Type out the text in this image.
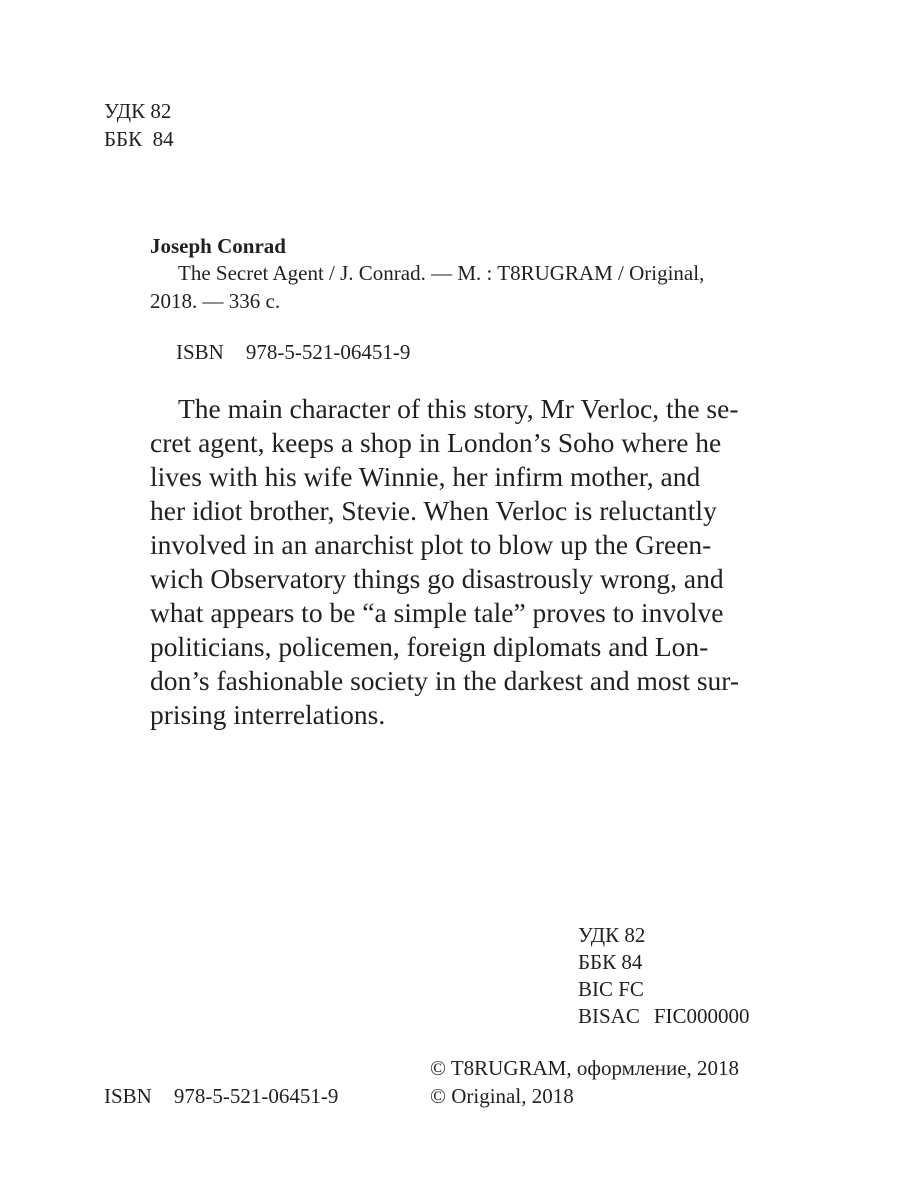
УДК 82
ББК  84
Joseph Conrad
The Secret Agent / J. Conrad. — M. : T8RUGRAM / Original,
2018. — 336 c.
ISBN 978-5-521-06451-9
The main character of this story, Mr Verloc, the se-
cret agent, keeps a shop in London’s Soho where he
lives with his wife Winnie, her infirm mother, and
her idiot brother, Stevie. When Verloc is reluctantly
involved in an anarchist plot to blow up the Green-
wich Observatory things go disastrously wrong, and
what appears to be “a simple tale” proves to involve
politicians, policemen, foreign diplomats and Lon-
don’s fashionable society in the darkest and most sur-
prising interrelations.
УДК 82
ББК 84
BIC FC
BISAC FIC000000
© T8RUGRAM, оформление, 2018
© Original, 2018
ISBN 978-5-521-06451-9
